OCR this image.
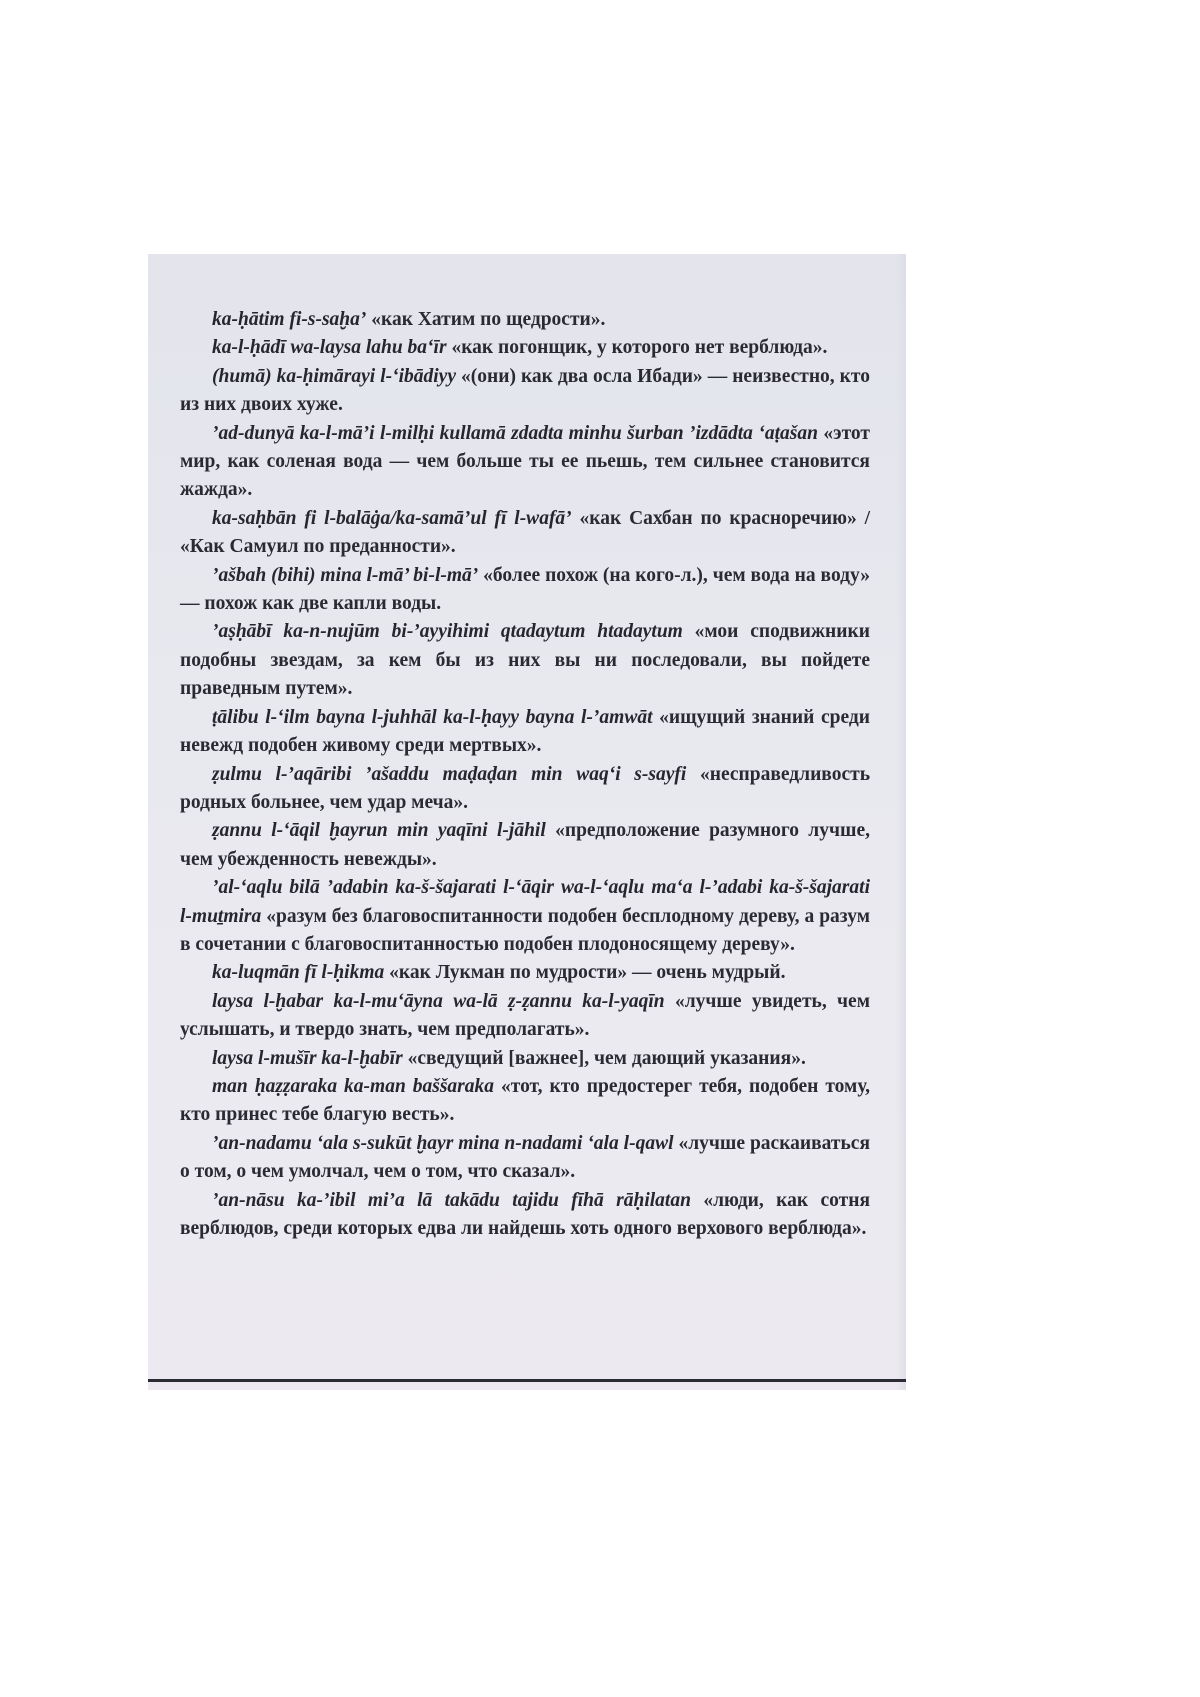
ka-ḥātim fi-s-saḫa’ «как Хатим по щедрости».

ka-l-ḥādī wa-laysa lahu ba‘īr «как погонщик, у которого нет верблюда».

(humā) ka-ḥimārayi l-‘ibādiyy «(они) как два осла Ибади» — неизвестно, кто из них двоих хуже.

’ad-dunyā ka-l-mā’i l-milḥi kullamā zdadta minhu šurban ’izdādta ‘aṭašan «этот мир, как соленая вода — чем больше ты ее пьешь, тем сильнее становится жажда».

ka-saḥbān fi l-balāġa/ka-samā’ul fī l-wafā’ «как Сахбан по красноречию» / «Как Самуил по преданности».

’ašbah (bihi) mina l-mā’ bi-l-mā’ «более похож (на кого-л.), чем вода на воду» — похож как две капли воды.

’aṣḥābī ka-n-nujūm bi-’ayyihimi qtadaytum htadaytum «мои сподвижники подобны звездам, за кем бы из них вы ни последовали, вы пойдете праведным путем».

ṭālibu l-‘ilm bayna l-juhhāl ka-l-ḥayy bayna l-’amwāt «ищущий знаний среди невежд подобен живому среди мертвых».

ẓulmu l-’aqāribi ’ašaddu maḍaḍan min waq‘i s-sayfi «несправедливость родных больнее, чем удар меча».

ẓannu l-‘āqil ḫayrun min yaqīni l-jāhil «предположение разумного лучше, чем убежденность невежды».

’al-‘aqlu bilā ’adabin ka-š-šajarati l-‘āqir wa-l-‘aqlu ma‘a l-’adabi ka-š-šajarati l-muṯmira «разум без благовоспитанности подобен бесплодному дереву, а разум в сочетании с благовоспитанностью подобен плодоносящему дереву».

ka-luqmān fī l-ḥikma «как Лукман по мудрости» — очень мудрый.

laysa l-ḫabar ka-l-mu‘āyna wa-lā ẓ-ẓannu ka-l-yaqīn «лучше увидеть, чем услышать, и твердо знать, чем предполагать».

laysa l-mušīr ka-l-ḫabīr «сведущий [важнее], чем дающий указания».

man ḥaẓẓaraka ka-man baššaraka «тот, кто предостерег тебя, подобен тому, кто принес тебе благую весть».

’an-nadamu ‘ala s-sukūt ḫayr mina n-nadami ‘ala l-qawl «лучше раскаиваться о том, о чем умолчал, чем о том, что сказал».

’an-nāsu ka-’ibil mi’a lā takādu tajidu fīhā rāḥilatan «люди, как сотня верблюдов, среди которых едва ли найдешь хоть одного верхового верблюда».
